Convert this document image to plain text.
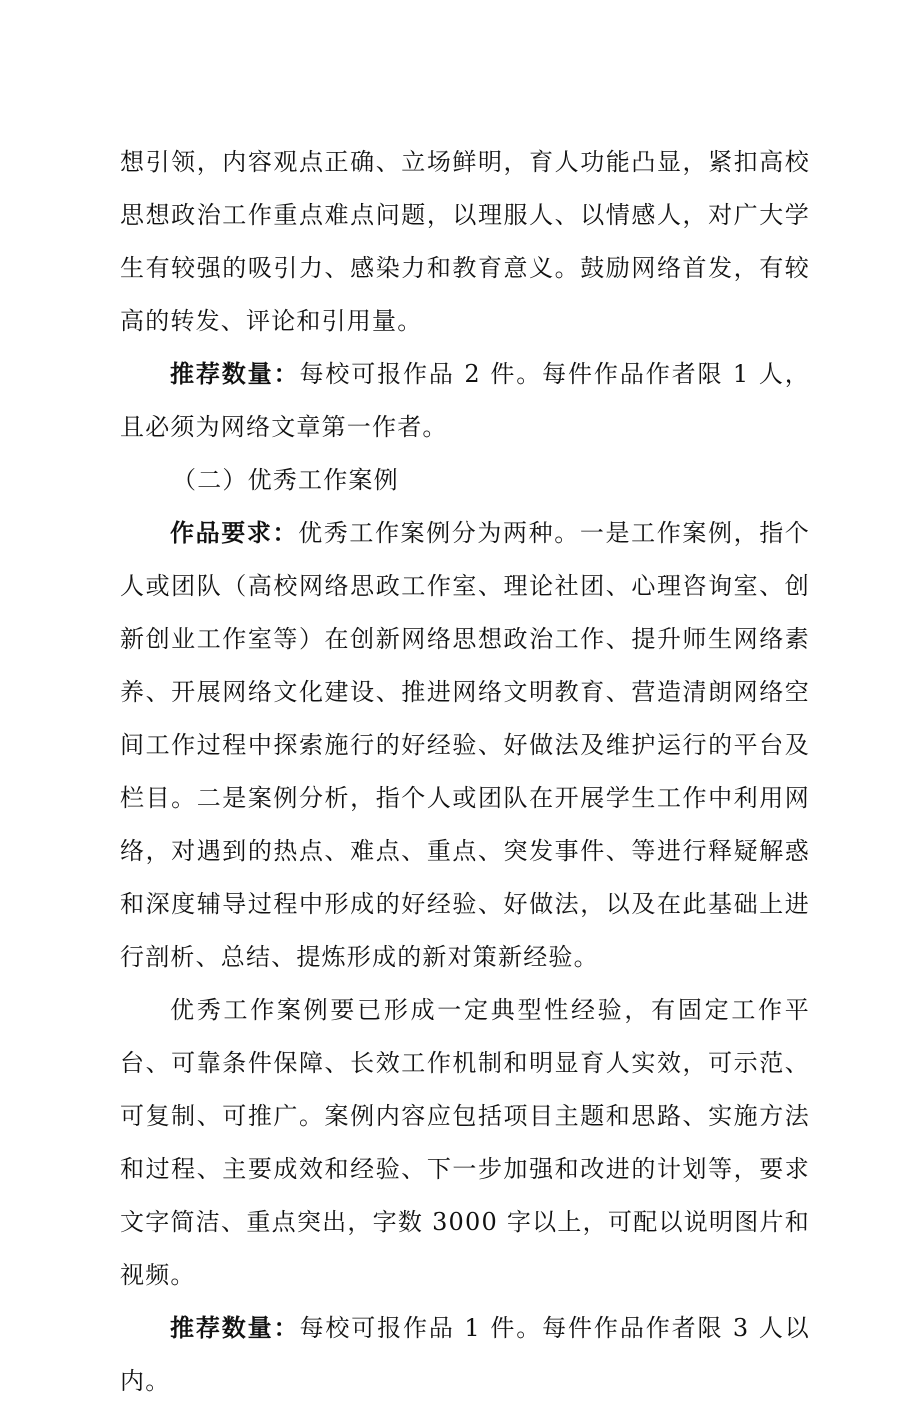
想引领，内容观点正确、立场鲜明，育人功能凸显，紧扣高校思想政治工作重点难点问题，以理服人、以情感人，对广大学生有较强的吸引力、感染力和教育意义。鼓励网络首发，有较高的转发、评论和引用量。

推荐数量：每校可报作品 2 件。每件作品作者限 1 人，且必须为网络文章第一作者。

（二）优秀工作案例

作品要求：优秀工作案例分为两种。一是工作案例，指个人或团队（高校网络思政工作室、理论社团、心理咨询室、创新创业工作室等）在创新网络思想政治工作、提升师生网络素养、开展网络文化建设、推进网络文明教育、营造清朗网络空间工作过程中探索施行的好经验、好做法及维护运行的平台及栏目。二是案例分析，指个人或团队在开展学生工作中利用网络，对遇到的热点、难点、重点、突发事件、等进行释疑解惑和深度辅导过程中形成的好经验、好做法，以及在此基础上进行剖析、总结、提炼形成的新对策新经验。

优秀工作案例要已形成一定典型性经验，有固定工作平台、可靠条件保障、长效工作机制和明显育人实效，可示范、可复制、可推广。案例内容应包括项目主题和思路、实施方法和过程、主要成效和经验、下一步加强和改进的计划等，要求文字简洁、重点突出，字数 3000 字以上，可配以说明图片和视频。

推荐数量：每校可报作品 1 件。每件作品作者限 3 人以内。
